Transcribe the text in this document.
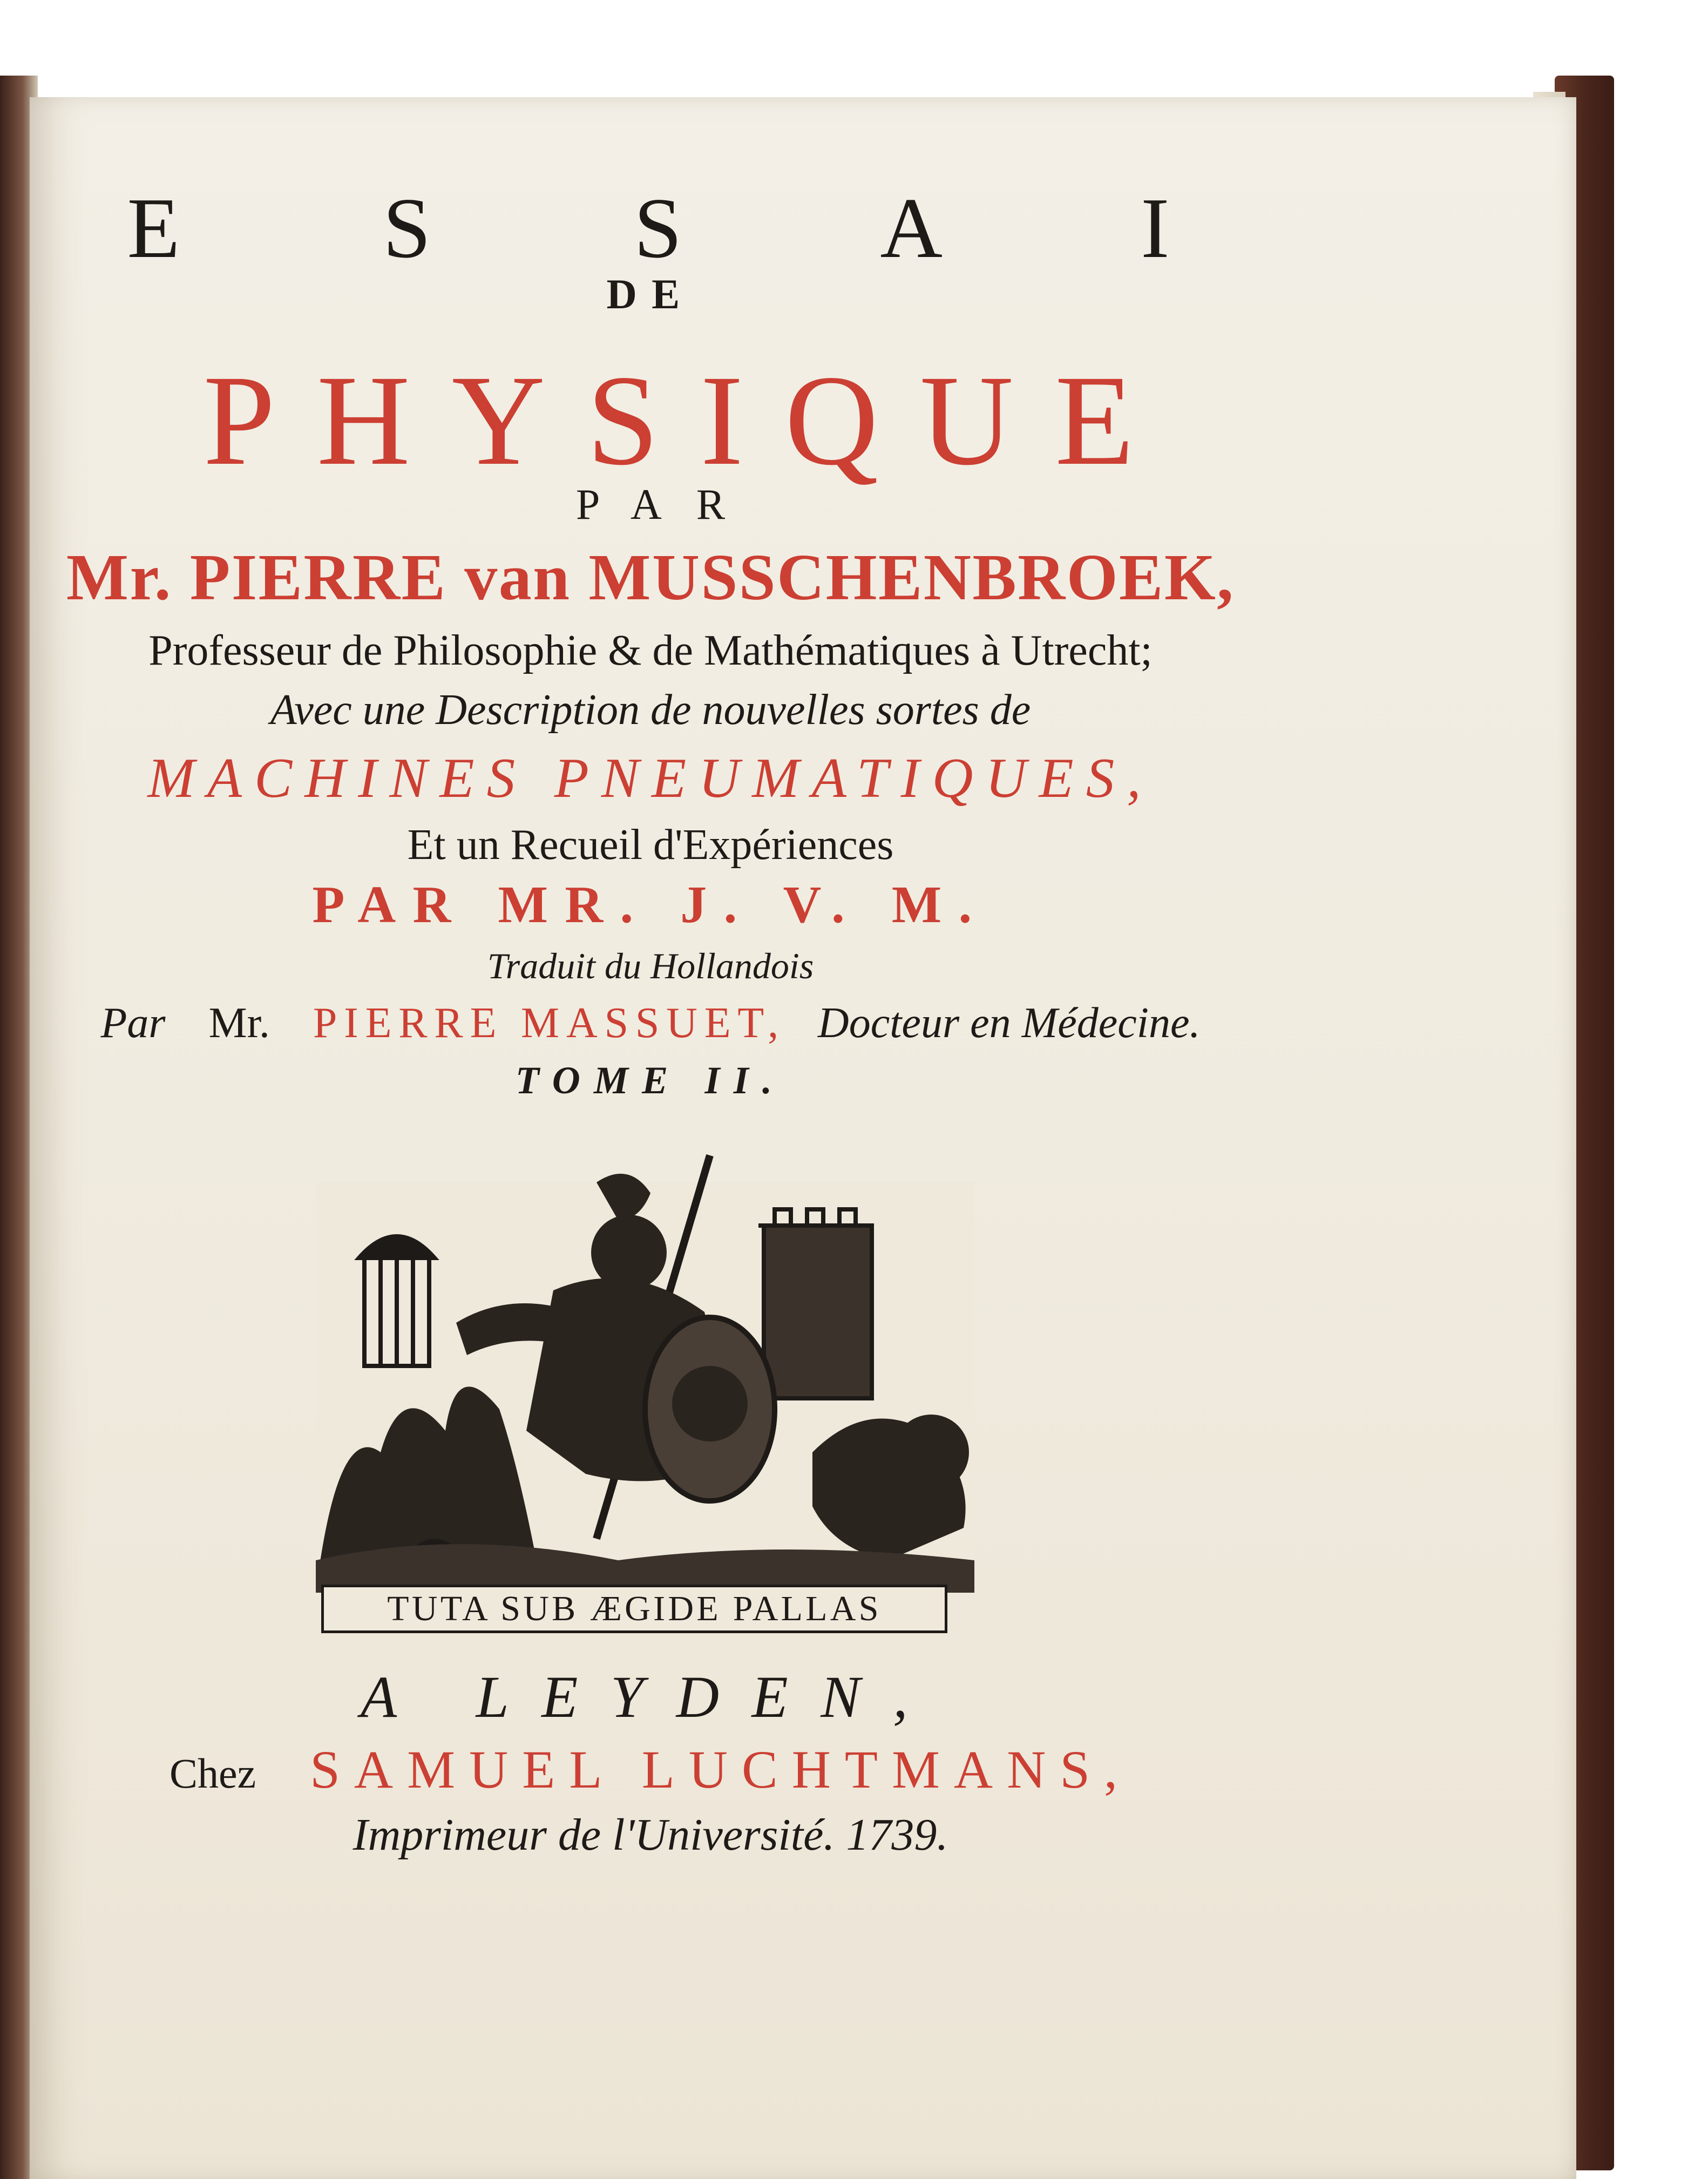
E S S A I
DE
PHYSIQUE
PAR
Mr. PIERRE van MUSSCHENBROEK,
Professeur de Philosophie & de Mathématiques à Utrecht;
Avec une Description de nouvelles sortes de
MACHINES PNEUMATIQUES,
Et un Recueil d'Expériences
PAR MR. J. V. M.
Traduit du Hollandois
Par Mr. PIERRE MASSUET, Docteur en Médecine.
TOME II.
TUTA SUB ÆGIDE PALLAS
A LEYDEN,
Chez SAMUEL LUCHTMANS,
Imprimeur de l'Université. 1739.
